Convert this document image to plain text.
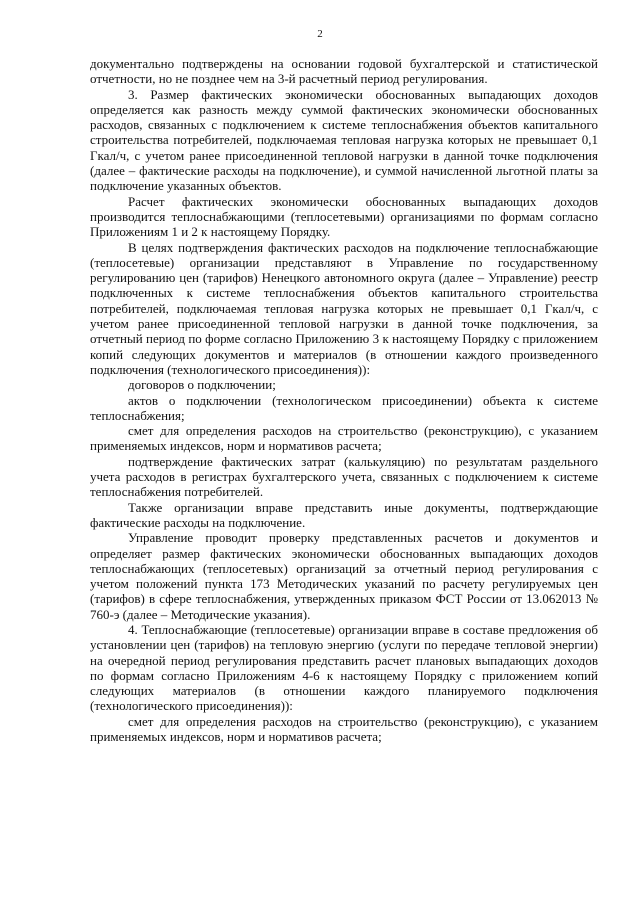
2

документально подтверждены на основании годовой бухгалтерской и статистической отчетности, но не позднее чем на 3-й расчетный период регулирования.

3. Размер фактических экономически обоснованных выпадающих доходов определяется как разность между суммой фактических экономически обоснованных расходов, связанных с подключением к системе теплоснабжения объектов капитального строительства потребителей, подключаемая тепловая нагрузка которых не превышает 0,1 Гкал/ч, с учетом ранее присоединенной тепловой нагрузки в данной точке подключения (далее – фактические расходы на подключение), и суммой начисленной льготной платы за подключение указанных объектов.

Расчет фактических экономически обоснованных выпадающих доходов производится теплоснабжающими (теплосетевыми) организациями по формам согласно Приложениям 1 и 2 к настоящему Порядку.

В целях подтверждения фактических расходов на подключение теплоснабжающие (теплосетевые) организации представляют в Управление по государственному регулированию цен (тарифов) Ненецкого автономного округа (далее – Управление) реестр подключенных к системе теплоснабжения объектов капитального строительства потребителей, подключаемая тепловая нагрузка которых не превышает 0,1 Гкал/ч, с учетом ранее присоединенной тепловой нагрузки в данной точке подключения, за отчетный период по форме согласно Приложению 3 к настоящему Порядку с приложением копий следующих документов и материалов (в отношении каждого произведенного подключения (технологического присоединения)):

договоров о подключении;

актов о подключении (технологическом присоединении) объекта к системе теплоснабжения;

смет для определения расходов на строительство (реконструкцию), с указанием применяемых индексов, норм и нормативов расчета;

подтверждение фактических затрат (калькуляцию) по результатам раздельного учета расходов в регистрах бухгалтерского учета, связанных с подключением к системе теплоснабжения потребителей.

Также организации вправе представить иные документы, подтверждающие фактические расходы на подключение.

Управление проводит проверку представленных расчетов и документов и определяет размер фактических экономически обоснованных выпадающих доходов теплоснабжающих (теплосетевых) организаций за отчетный период регулирования с учетом положений пункта 173 Методических указаний по расчету регулируемых цен (тарифов) в сфере теплоснабжения, утвержденных приказом ФСТ России от 13.062013 № 760-э (далее – Методические указания).

4. Теплоснабжающие (теплосетевые) организации вправе в составе предложения об установлении цен (тарифов) на тепловую энергию (услуги по передаче тепловой энергии) на очередной период регулирования представить расчет плановых выпадающих доходов по формам согласно Приложениям 4-6 к настоящему Порядку с приложением копий следующих материалов (в отношении каждого планируемого подключения (технологического присоединения)):

смет для определения расходов на строительство (реконструкцию), с указанием применяемых индексов, норм и нормативов расчета;
